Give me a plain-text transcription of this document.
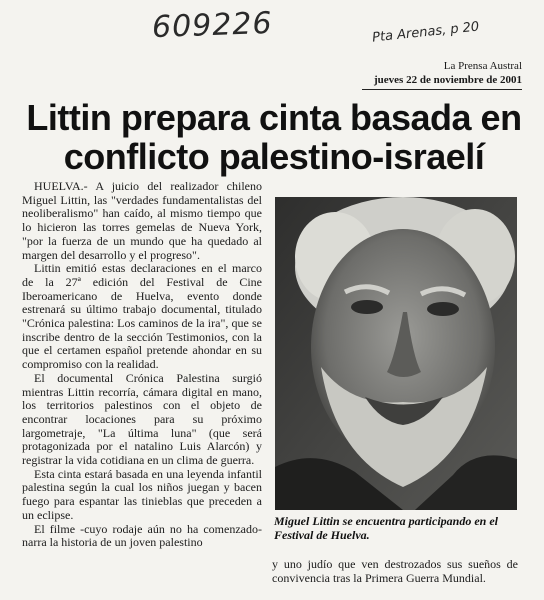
609226	Pta Arenas, p 20
La Prensa Austral
jueves 22 de noviembre de 2001
Littin prepara cinta basada en conflicto palestino-israelí

HUELVA.- A juicio del realizador chileno Miguel Littin, las "verdades fundamentalistas del neoliberalismo" han caído, al mismo tiempo que lo hicieron las torres gemelas de Nueva York, "por la fuerza de un mundo que ha quedado al margen del desarrollo y el progreso".

Littin emitió estas declaraciones en el marco de la 27ª edición del Festival de Cine Iberoamericano de Huelva, evento donde estrenará su último trabajo documental, titulado "Crónica palestina: Los caminos de la ira", que se inscribe dentro de la sección Testimonios, con la que el certamen español pretende ahondar en su compromiso con la realidad.

El documental Crónica Palestina surgió mientras Littin recorría, cámara digital en mano, los territorios palestinos con el objeto de encontrar locaciones para su próximo largometraje, "La última luna" (que será protagonizada por el natalino Luis Alarcón) y registrar la vida cotidiana en un clima de guerra.

Esta cinta estará basada en una leyenda infantil palestina según la cual los niños juegan y bacen fuego para espantar las tinieblas que preceden a un eclipse.

El filme -cuyo rodaje aún no ha comenzado- narra la historia de un joven palestino

Miguel Littin se encuentra participando en el Festival de Huelva.

y uno judío que ven destrozados sus sueños de convivencia tras la Primera Guerra Mundial.
